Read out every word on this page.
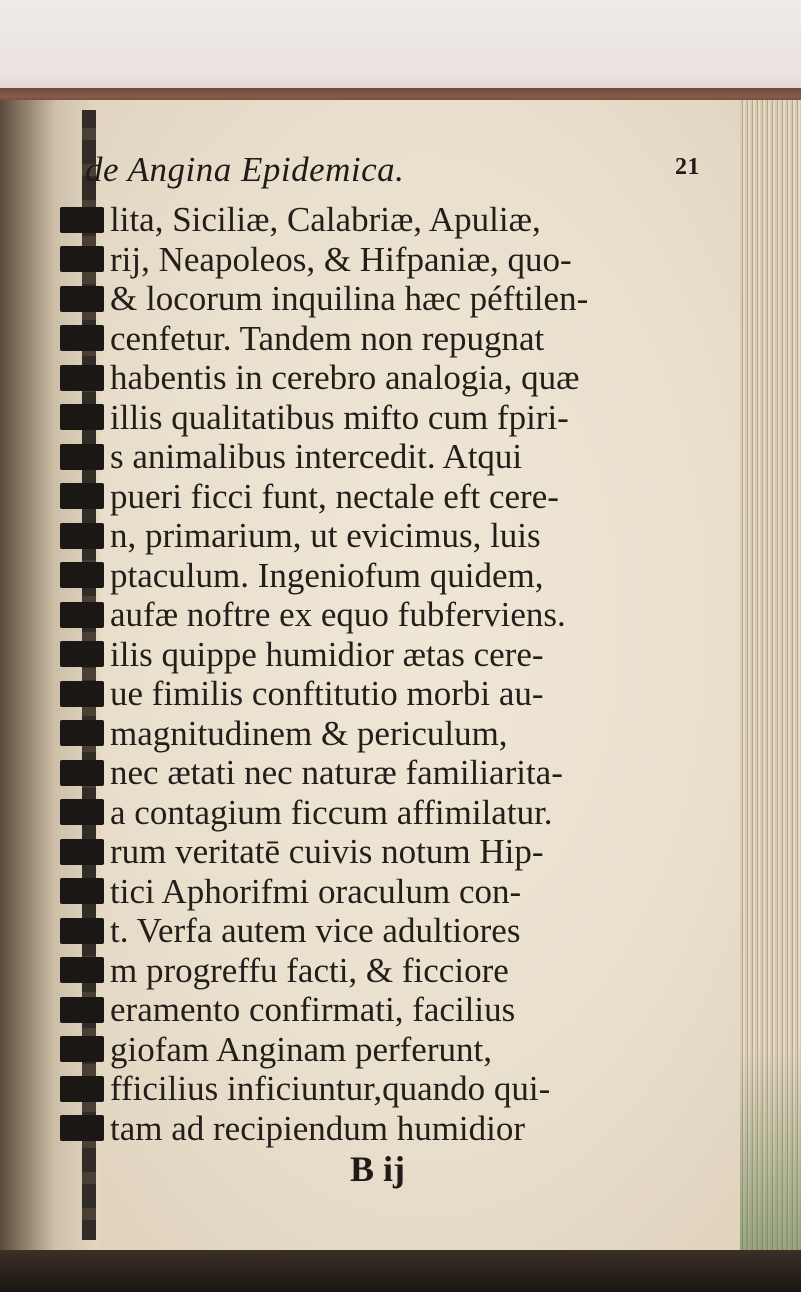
de Angina Epidemica.	21
lita, Siciliæ, Calabriæ, Apuliæ,
rij, Neapoleos, & Hifpaniæ, quo-
& locorum inquilina hæc péftilen-
cenfetur. Tandem non repugnat
habentis in cerebro analogia, quæ
illis qualitatibus mifto cum fpiri-
s animalibus intercedit. Atqui
pueri ficci funt, nectale eft cere-
n, primarium, ut evicimus, luis
ptaculum. Ingeniofum quidem,
aufæ noftre ex equo fubferviens.
ilis quippe humidior ætas cere-
ue fimilis conftitutio morbi au-
magnitudinem & periculum,
nec ætati nec naturæ familiarita-
a contagium ficcum affimilatur.
rum veritatē cuivis notum Hip-
tici Aphorifmi oraculum con-
t. Verfa autem vice adultiores
m progreffu facti, & ficciore
eramento confirmati, facilius
giofam Anginam perferunt,
fficilius inficiuntur,quando qui-
tam ad recipiendum humidior
B ij
